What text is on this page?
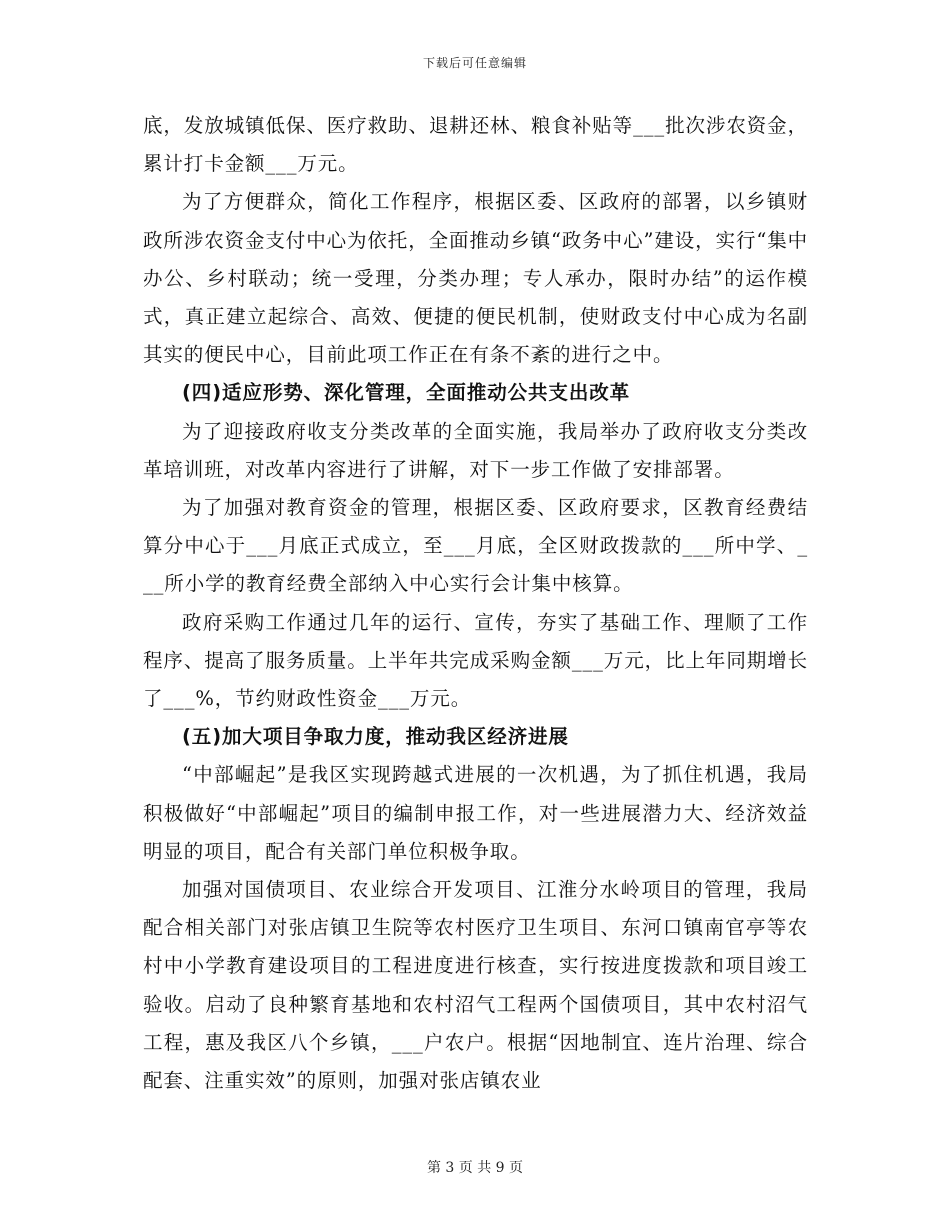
下载后可任意编辑

底，发放城镇低保、医疗救助、退耕还林、粮食补贴等___批次涉农资金，累计打卡金额___万元。

为了方便群众，简化工作程序，根据区委、区政府的部署，以乡镇财政所涉农资金支付中心为依托，全面推动乡镇“政务中心”建设，实行“集中办公、乡村联动；统一受理，分类办理；专人承办，限时办结”的运作模式，真正建立起综合、高效、便捷的便民机制，使财政支付中心成为名副其实的便民中心，目前此项工作正在有条不紊的进行之中。

(四)适应形势、深化管理，全面推动公共支出改革

为了迎接政府收支分类改革的全面实施，我局举办了政府收支分类改革培训班，对改革内容进行了讲解，对下一步工作做了安排部署。

为了加强对教育资金的管理，根据区委、区政府要求，区教育经费结算分中心于___月底正式成立，至___月底，全区财政拨款的___所中学、___所小学的教育经费全部纳入中心实行会计集中核算。

政府采购工作通过几年的运行、宣传，夯实了基础工作、理顺了工作程序、提高了服务质量。上半年共完成采购金额___万元，比上年同期增长了___%，节约财政性资金___万元。

(五)加大项目争取力度，推动我区经济进展

“中部崛起”是我区实现跨越式进展的一次机遇，为了抓住机遇，我局积极做好“中部崛起”项目的编制申报工作，对一些进展潜力大、经济效益明显的项目，配合有关部门单位积极争取。

加强对国债项目、农业综合开发项目、江淮分水岭项目的管理，我局配合相关部门对张店镇卫生院等农村医疗卫生项目、东河口镇南官亭等农村中小学教育建设项目的工程进度进行核查，实行按进度拨款和项目竣工验收。启动了良种繁育基地和农村沼气工程两个国债项目，其中农村沼气工程，惠及我区八个乡镇，___户农户。根据“因地制宜、连片治理、综合配套、注重实效”的原则，加强对张店镇农业

第 3 页 共 9 页
